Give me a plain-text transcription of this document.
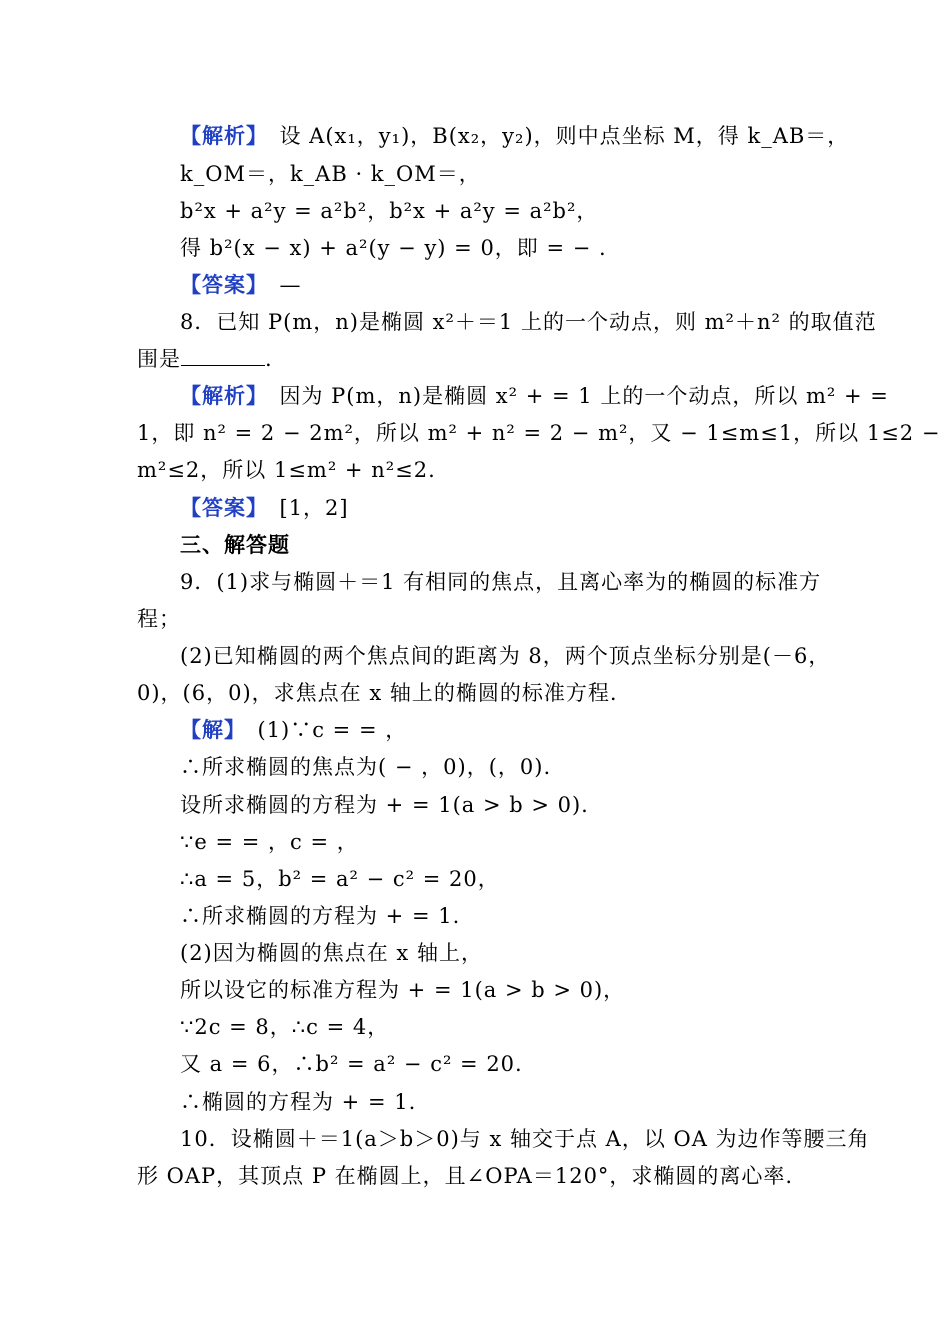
【解析】　设 A(x₁，y₁)，B(x₂，y₂)，则中点坐标 M，得 k_AB＝，
k_OM＝，k_AB · k_OM＝，
b²x + a²y = a²b²，b²x + a²y = a²b²，
得 b²(x − x) + a²(y − y) = 0，即 = − .
【答案】　—
8．已知 P(m，n)是椭圆 x²＋＝1 上的一个动点，则 m²＋n² 的取值范
围是	.
【解析】　因为 P(m，n)是椭圆 x² + = 1 上的一个动点，所以 m² + =
1，即 n² = 2 − 2m²，所以 m² + n² = 2 − m²，又 − 1≤m≤1，所以 1≤2 −
m²≤2，所以 1≤m² + n²≤2.
【答案】　[1，2]
三、解答题
9．(1)求与椭圆＋＝1 有相同的焦点，且离心率为的椭圆的标准方
程；
(2)已知椭圆的两个焦点间的距离为 8，两个顶点坐标分别是(－6，
0)，(6，0)，求焦点在 x 轴上的椭圆的标准方程.
【解】　(1)∵c = = ，
∴所求椭圆的焦点为( − ，0)，(，0).
设所求椭圆的方程为 + = 1(a > b > 0).
∵e = = ，c = ，
∴a = 5，b² = a² − c² = 20，
∴所求椭圆的方程为 + = 1.
(2)因为椭圆的焦点在 x 轴上，
所以设它的标准方程为 + = 1(a > b > 0)，
∵2c = 8，∴c = 4，
又 a = 6，∴b² = a² − c² = 20.
∴椭圆的方程为 + = 1.
10．设椭圆＋＝1(a＞b＞0)与 x 轴交于点 A，以 OA 为边作等腰三角
形 OAP，其顶点 P 在椭圆上，且∠OPA＝120°，求椭圆的离心率.
